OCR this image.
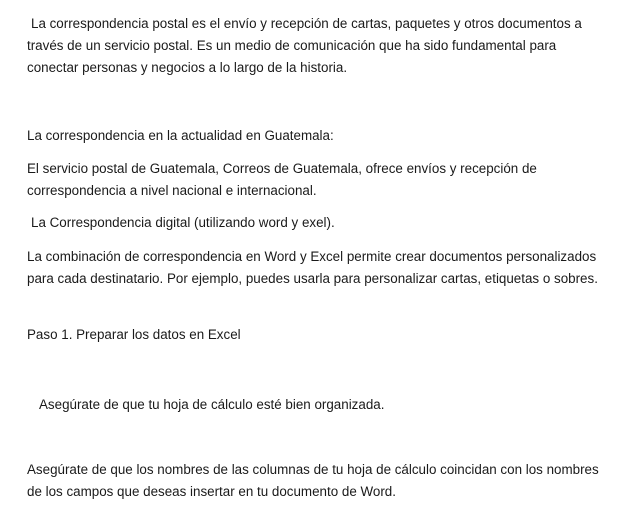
La correspondencia postal es el envío y recepción de cartas, paquetes y otros documentos a través de un servicio postal. Es un medio de comunicación que ha sido fundamental para conectar personas y negocios a lo largo de la historia.

La correspondencia en la actualidad en Guatemala:

El servicio postal de Guatemala, Correos de Guatemala, ofrece envíos y recepción de correspondencia a nivel nacional e internacional.

La Correspondencia digital (utilizando word y exel).

La combinación de correspondencia en Word y Excel permite crear documentos personalizados para cada destinatario. Por ejemplo, puedes usarla para personalizar cartas, etiquetas o sobres.

Paso 1. Preparar los datos en Excel

Asegúrate de que tu hoja de cálculo esté bien organizada.

Asegúrate de que los nombres de las columnas de tu hoja de cálculo coincidan con los nombres de los campos que deseas insertar en tu documento de Word.
